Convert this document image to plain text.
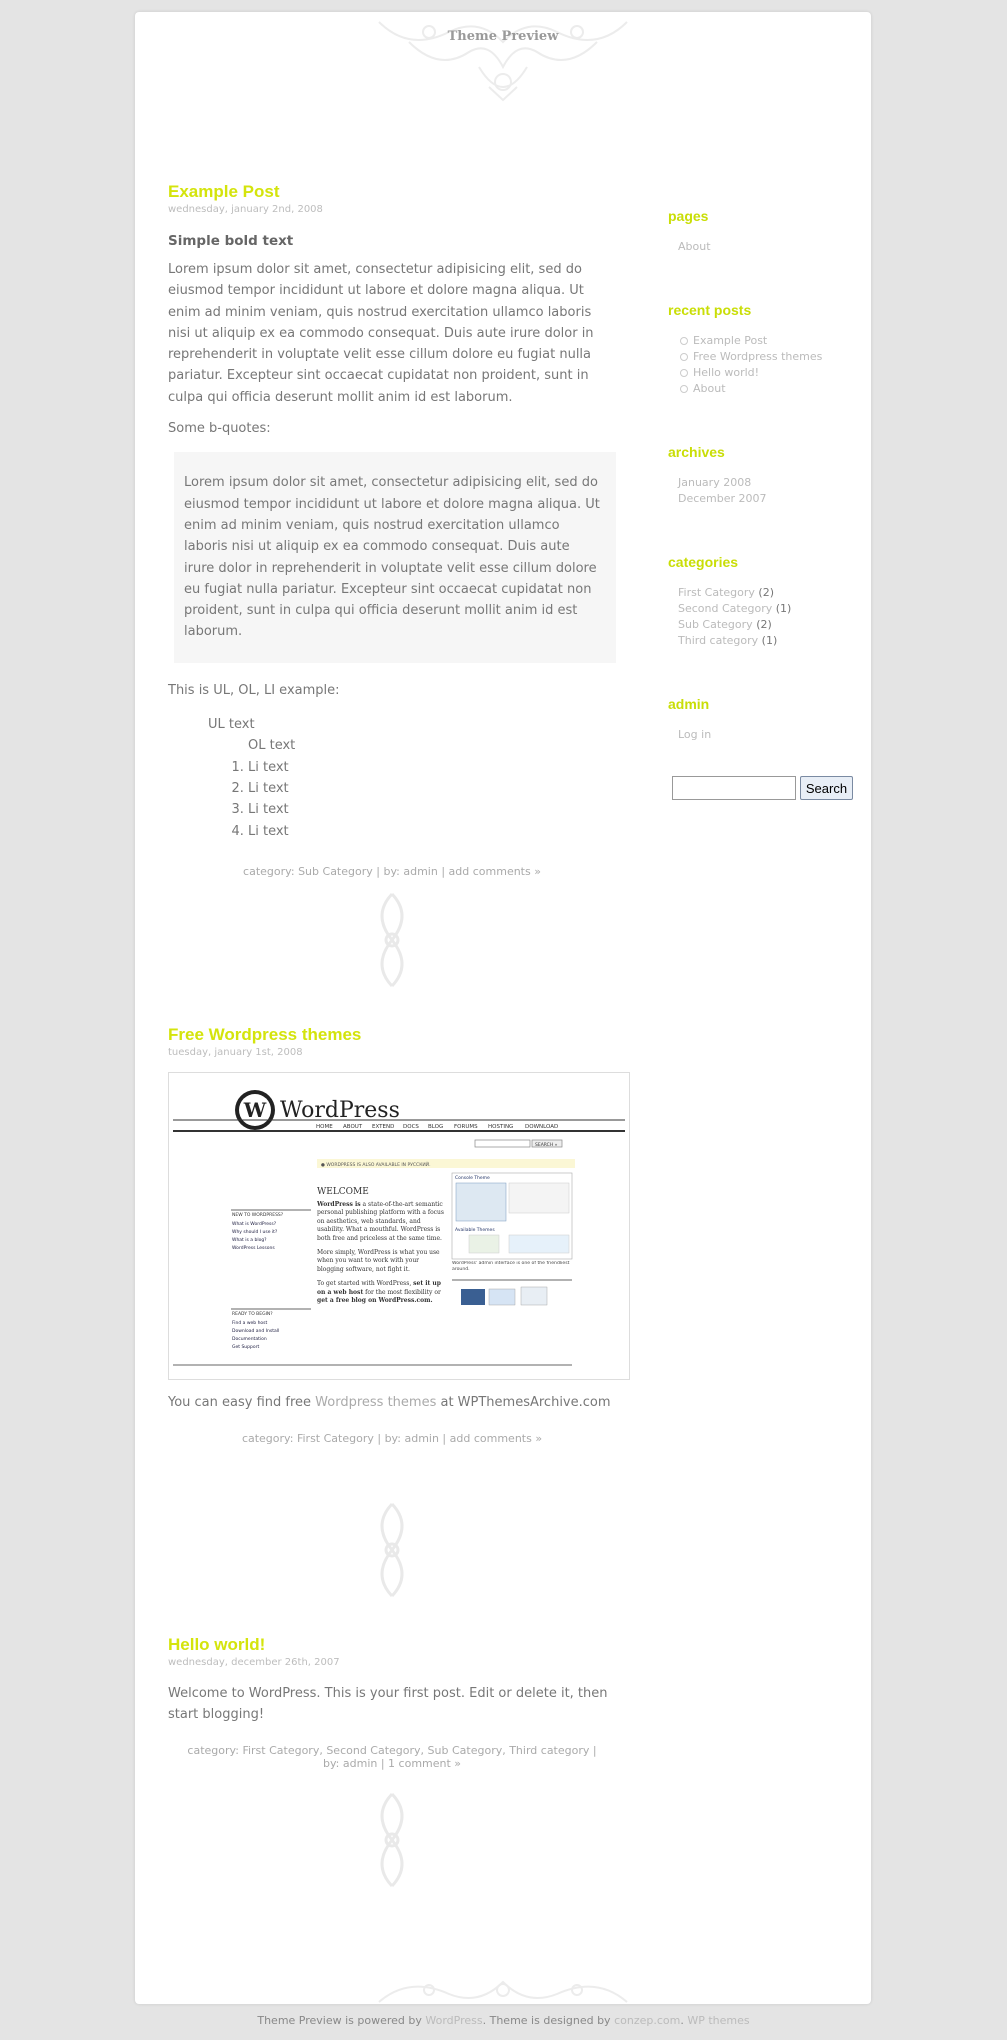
Theme Preview
Example Post
wednesday, january 2nd, 2008
Simple bold text
Lorem ipsum dolor sit amet, consectetur adipisicing elit, sed do eiusmod tempor incididunt ut labore et dolore magna aliqua. Ut enim ad minim veniam, quis nostrud exercitation ullamco laboris nisi ut aliquip ex ea commodo consequat. Duis aute irure dolor in reprehenderit in voluptate velit esse cillum dolore eu fugiat nulla pariatur. Excepteur sint occaecat cupidatat non proident, sunt in culpa qui officia deserunt mollit anim id est laborum.
Some b-quotes:
Lorem ipsum dolor sit amet, consectetur adipisicing elit, sed do eiusmod tempor incididunt ut labore et dolore magna aliqua. Ut enim ad minim veniam, quis nostrud exercitation ullamco laboris nisi ut aliquip ex ea commodo consequat. Duis aute irure dolor in reprehenderit in voluptate velit esse cillum dolore eu fugiat nulla pariatur. Excepteur sint occaecat cupidatat non proident, sunt in culpa qui officia deserunt mollit anim id est laborum.
This is UL, OL, LI example:
UL text
OL text
1. Li text
2. Li text
3. Li text
4. Li text
category: Sub Category | by: admin | add comments »
Free Wordpress themes
tuesday, january 1st, 2008
W WordPress
HOME ABOUT EXTEND DOCS BLOG FORUMS HOSTING DOWNLOAD
SEARCH »
● WORDPRESS IS ALSO AVAILABLE IN РУССКИЙ.
WELCOME
NEW TO WORDPRESS?
What is WordPress?
Why should I use it?
What is a blog?
WordPress Lessons
READY TO BEGIN?
Find a web host
Download and Install
Documentation
Get Support
WordPress is a state-of-the-art semantic personal publishing platform with a focus on aesthetics, web standards, and usability. What a mouthful. WordPress is both free and priceless at the same time.
More simply, WordPress is what you use when you want to work with your blogging software, not fight it.
To get started with WordPress, set it up on a web host for the most flexibility or get a free blog on WordPress.com.
Console Theme
Available Themes
WordPress' admin interface is one of the friendliest around.
You can easy find free Wordpress themes at WPThemesArchive.com
category: First Category | by: admin | add comments »
Hello world!
wednesday, december 26th, 2007
Welcome to WordPress. This is your first post. Edit or delete it, then start blogging!
category: First Category, Second Category, Sub Category, Third category | by: admin | 1 comment »
pages
About
recent posts
Example Post
Free Wordpress themes
Hello world!
About
archives
January 2008
December 2007
categories
First Category (2)
Second Category (1)
Sub Category (2)
Third category (1)
admin
Log in
Search
Theme Preview is powered by WordPress. Theme is designed by conzep.com. WP themes
